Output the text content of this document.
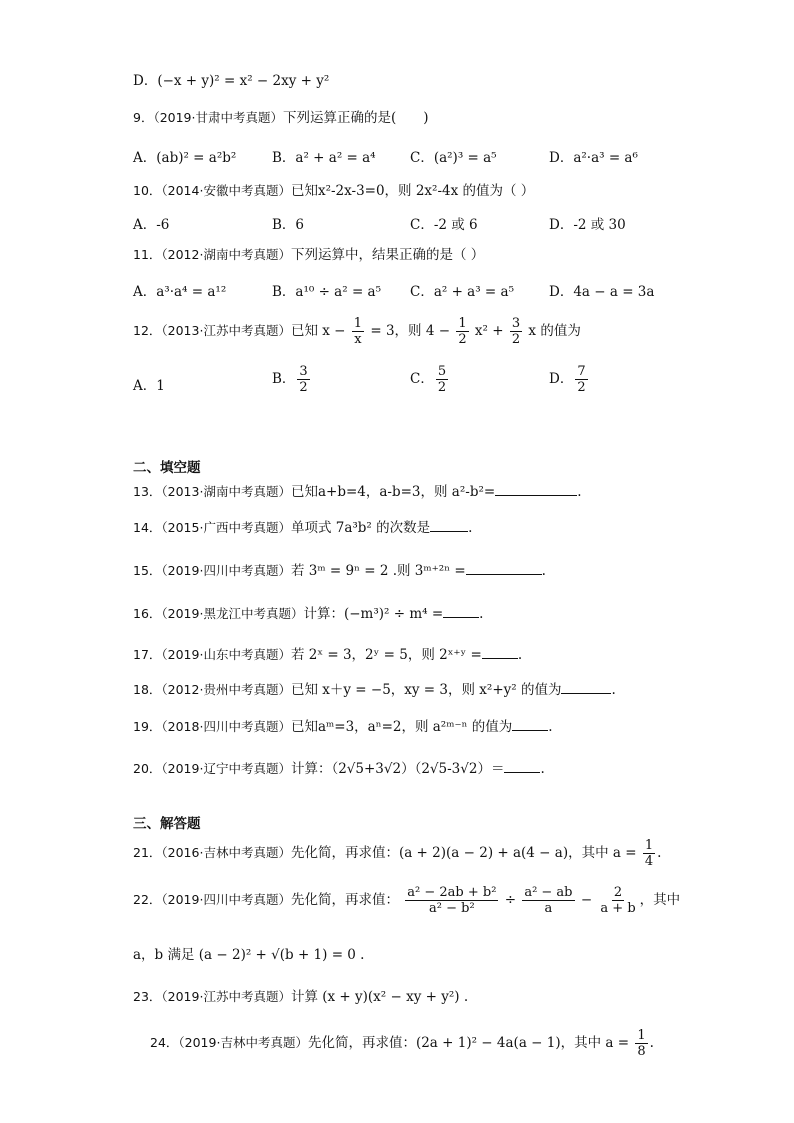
D．(−x + y)² = x² − 2xy + y²
9．（2019·甘肃中考真题）下列运算正确的是(　　)
A．(ab)² = a²b²	B．a² + a² = a⁴	C．(a²)³ = a⁵	D．a²·a³ = a⁶
10．（2014·安徽中考真题）已知x²-2x-3=0，则 2x²-4x 的值为（ ）
A．-6	B．6	C．-2 或 6	D．-2 或 30
11．（2012·湖南中考真题）下列运算中，结果正确的是（ ）
A．a³·a⁴ = a¹²	B．a¹⁰ ÷ a² = a⁵ C．a² + a³ = a⁵	D．4a − a = 3a
12．（2013·江苏中考真题）已知 $x - \frac{1}{x} = 3$，则 $4 - \frac{1}{2} x^2 + \frac{3}{2}$ x 的值为
A．1	B． $\frac{3}{2}$	C． $\frac{5}{2}$	D． $\frac{7}{2}$
二、填空题
13．（2013·湖南中考真题）已知a+b=4，a-b=3，则 a²-b²=	.
14．（2015·广西中考真题）单项式 7a³b² 的次数是	.
15．（2019·四川中考真题）若 3ᵐ = 9ⁿ = 2 .则 3ᵐ⁺²ⁿ =	.
16．（2019·黑龙江中考真题）计算：(−m³)² ÷ m⁴ =	.
17．（2019·山东中考真题）若 2ˣ = 3，2ʸ = 5，则 2ˣ⁺ʸ =	.
18．（2012·贵州中考真题）已知 x＋y = −5，xy = 3，则 x²+y² 的值为	.
19．（2018·四川中考真题）已知aᵐ=3，aⁿ=2，则 a²ᵐ⁻ⁿ 的值为	.
20．（2019·辽宁中考真题）计算：（2√5+3√2）（2√5-3√2）＝	.
三、解答题
21．（2016·吉林中考真题）先化简，再求值：(a + 2)(a − 2) + a(4 − a)，其中 $a = \frac{1}{4}$ .
22．（2019·四川中考真题）先化简，再求值： $\frac{\text{a² − 2ab + b²}}{\text{a² − b²}} \div \frac{\text{a² − ab}}{a} - \frac{2}{a + b}$ ，其中
a，b 满足 (a − 2)² + √(b + 1) = 0 .
23．（2019·江苏中考真题）计算 (x + y)(x² − xy + y²) .
24．（2019·吉林中考真题）先化简，再求值：(2a + 1)² − 4a(a − 1)，其中 $a = \frac{1}{8}$ .
